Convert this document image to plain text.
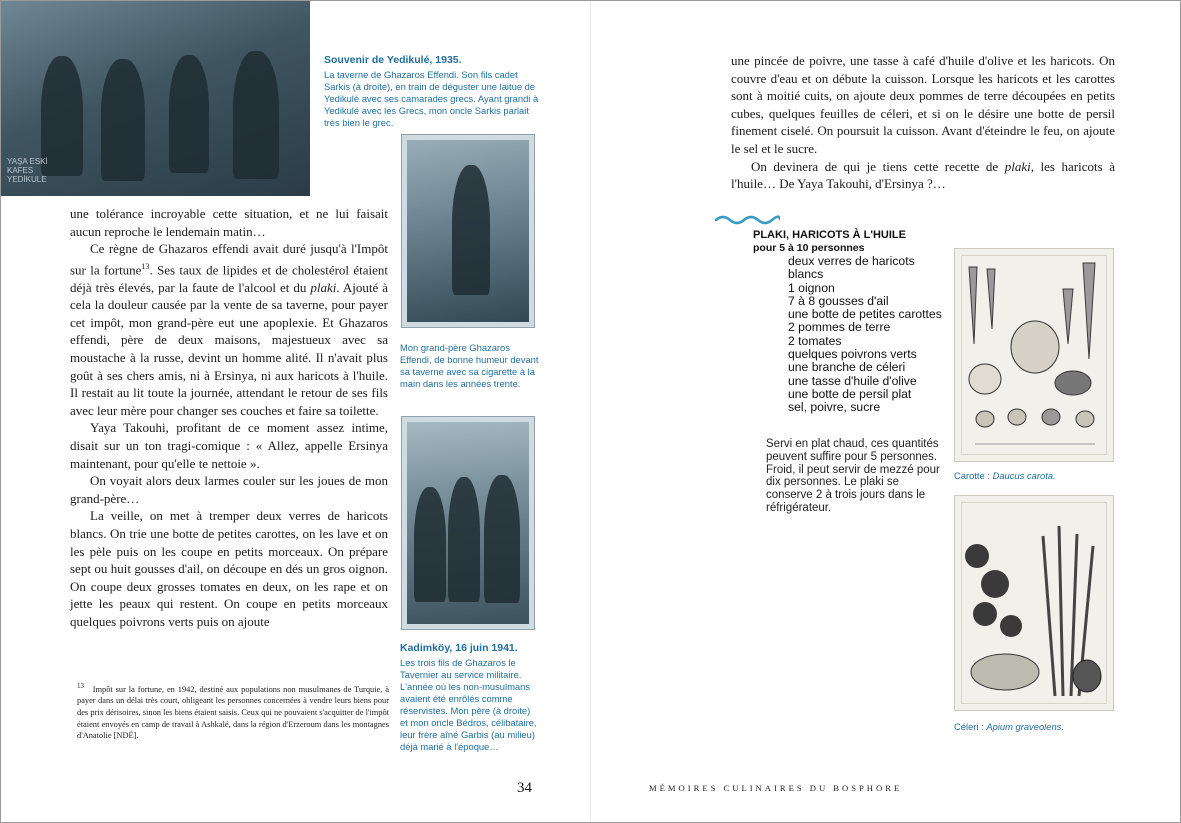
YAŞA ESKİ KAFES YEDİKULE
Souvenir de Yedikulé, 1935.
La taverne de Ghazaros Effendi. Son fils cadet Sarkis (à droite), en train de déguster une laitue de Yedikulé avec ses camarades grecs. Ayant grandi à Yedikulé avec les Grecs, mon oncle Sarkis parlait très bien le grec.
Mon grand-père Ghazaros Effendi, de bonne humeur devant sa taverne avec sa cigarette à la main dans les années trente.
Kadimköy, 16 juin 1941.
Les trois fils de Ghazaros le Tavernier au service militaire. L'année où les non-musulmans avaient été enrôlés comme réservistes. Mon père (à droite) et mon oncle Bédros, célibataire, leur frère aîné Garbis (au milieu) déjà marié à l'époque…

une tolérance incroyable cette situation, et ne lui faisait aucun reproche le lendemain matin…

Ce règne de Ghazaros effendi avait duré jusqu'à l'Impôt sur la fortune$^{13}$. Ses taux de lipides et de cholestérol étaient déjà très élevés, par la faute de l'alcool et du plaki. Ajouté à cela la douleur causée par la vente de sa taverne, pour payer cet impôt, mon grand-père eut une apoplexie. Et Ghazaros effendi, père de deux maisons, majestueux avec sa moustache à la russe, devint un homme alité. Il n'avait plus goût à ses chers amis, ni à Ersinya, ni aux haricots à l'huile. Il restait au lit toute la journée, attendant le retour de ses fils avec leur mère pour changer ses couches et faire sa toilette.

Yaya Takouhi, profitant de ce moment assez intime, disait sur un ton tragi-comique : « Allez, appelle Ersinya maintenant, pour qu'elle te nettoie ».

On voyait alors deux larmes couler sur les joues de mon grand-père…

La veille, on met à tremper deux verres de haricots blancs. On trie une botte de petites carottes, on les lave et on les pèle puis on les coupe en petits morceaux. On prépare sept ou huit gousses d'ail, on découpe en dés un gros oignon. On coupe deux grosses tomates en deux, on les rape et on jette les peaux qui restent. On coupe en petits morceaux quelques poivrons verts puis on ajoute

$^{13}$ Impôt sur la fortune, en 1942, destiné aux populations non musulmanes de Turquie, à payer dans un délai très court, obligeant les personnes concernées à vendre leurs biens pour des prix dérisoires, sinon les biens étaient saisis. Ceux qui ne pouvaient s'acquitter de l'impôt étaient envoyés en camp de travail à Ashkalé, dans la région d'Erzeroum dans les montagnes d'Anatolie [NDÉ].

une pincée de poivre, une tasse à café d'huile d'olive et les haricots. On couvre d'eau et on débute la cuisson. Lorsque les haricots et les carottes sont à moitié cuits, on ajoute deux pommes de terre découpées en petits cubes, quelques feuilles de céleri, et si on le désire une botte de persil finement ciselé. On poursuit la cuisson. Avant d'éteindre le feu, on ajoute le sel et le sucre.

On devinera de qui je tiens cette recette de plaki, les haricots à l'huile… De Yaya Takouhi, d'Ersinya ?…

PLAKI, HARICOTS À L'HUILE
pour 5 à 10 personnes
deux verres de haricots
blancs
1 oignon
7 à 8 gousses d'ail
une botte de petites carottes
2 pommes de terre
2 tomates
quelques poivrons verts
une branche de céleri
une tasse d'huile d'olive
une botte de persil plat
sel, poivre, sucre
Servi en plat chaud, ces quantités peuvent suffire pour 5 personnes. Froid, il peut servir de mezzé pour dix personnes. Le plaki se conserve 2 à trois jours dans le réfrigérateur.
Carotte : Daucus carota.
Céleri : Apium graveolens.
34	MÉMOIRES CULINAIRES DU BOSPHORE
